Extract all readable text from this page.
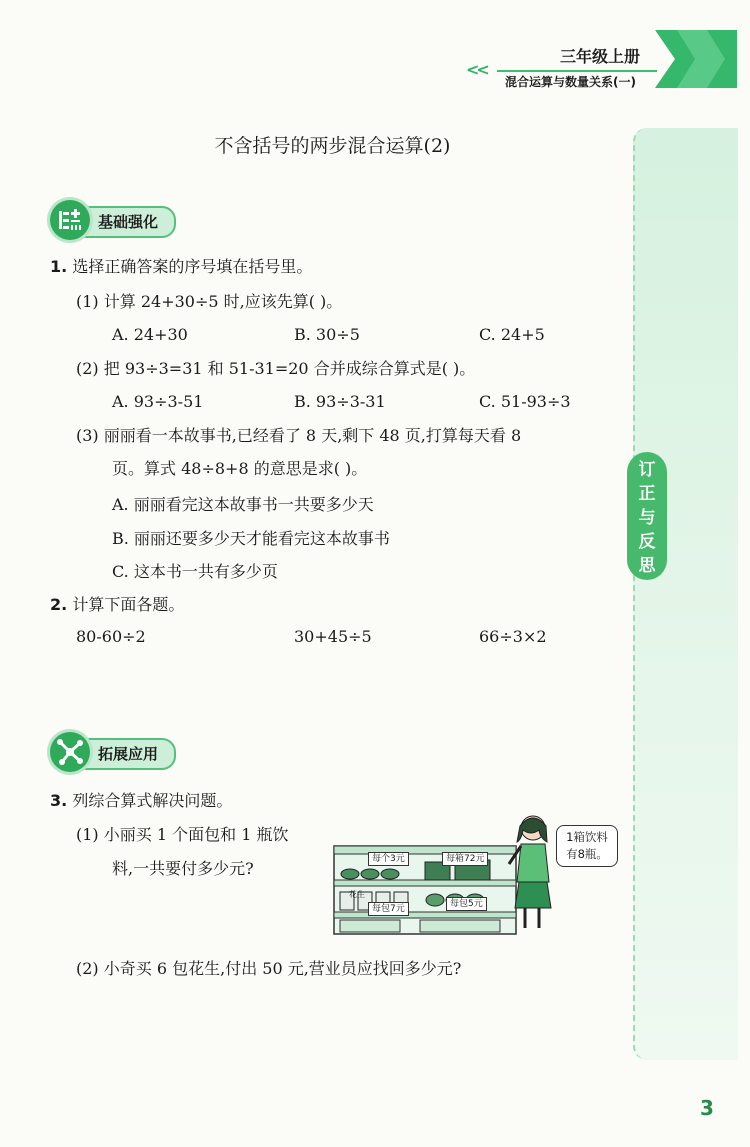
<<
三年级上册
混合运算与数量关系(一)
订
正
与
反
思
不含括号的两步混合运算(2)
基础强化
1. 选择正确答案的序号填在括号里。
(1) 计算 24+30÷5 时,应该先算( )。
A. 24+30	B. 30÷5	C. 24+5
(2) 把 93÷3=31 和 51-31=20 合并成综合算式是( )。
A. 93÷3-51	B. 93÷3-31	C. 51-93÷3
(3) 丽丽看一本故事书,已经看了 8 天,剩下 48 页,打算每天看 8
页。算式 48÷8+8 的意思是求( )。
A. 丽丽看完这本故事书一共要多少天
B. 丽丽还要多少天才能看完这本故事书
C. 这本书一共有多少页
2. 计算下面各题。
80-60÷2	30+45÷5	66÷3×2
拓展应用
3. 列综合算式解决问题。
(1) 小丽买 1 个面包和 1 瓶饮
料,一共要付多少元?
(2) 小奇买 6 包花生,付出 50 元,营业员应找回多少元?
每个3元	每箱72元
每包7元	每包5元
花生
1箱饮料
有8瓶。
3
